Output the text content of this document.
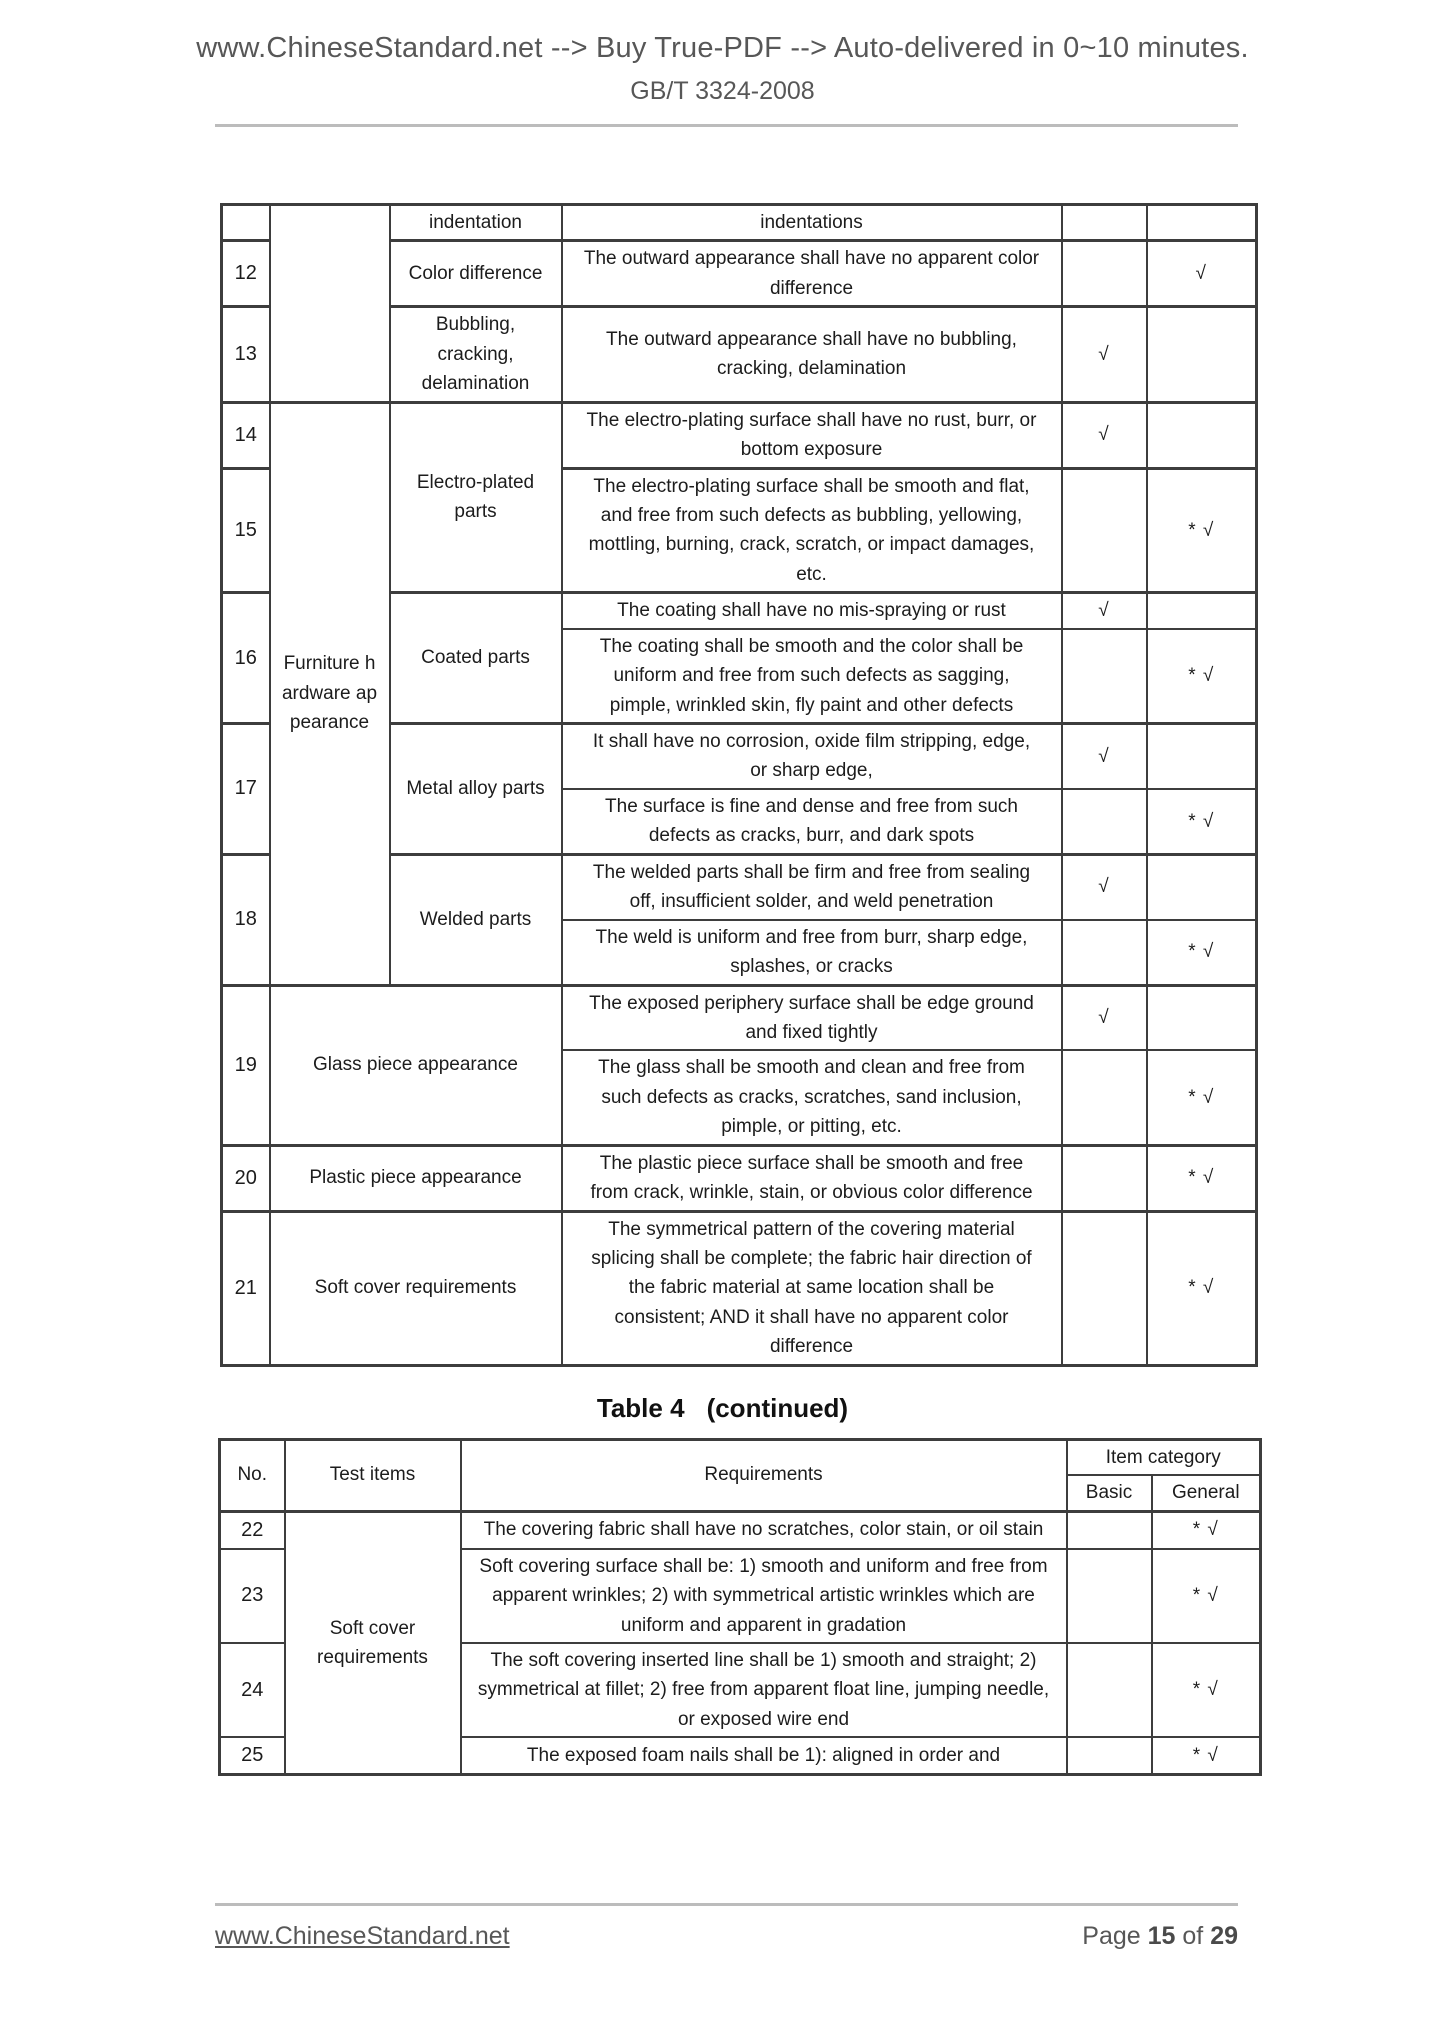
www.ChineseStandard.net --> Buy True-PDF --> Auto-delivered in 0~10 minutes.
GB/T 3324-2008
		indentation	indentations		
12		Color difference	The outward appearance shall have no apparent color difference		√
13		Bubbling, cracking, delamination	The outward appearance shall have no bubbling, cracking, delamination	√	
14	Furniture hardware appearance	Electro-plated parts	The electro-plating surface shall have no rust, burr, or bottom exposure	√	
15			The electro-plating surface shall be smooth and flat, and free from such defects as bubbling, yellowing, mottling, burning, crack, scratch, or impact damages, etc.		* √
16		Coated parts	The coating shall have no mis-spraying or rust	√	
			The coating shall be smooth and the color shall be uniform and free from such defects as sagging, pimple, wrinkled skin, fly paint and other defects		* √
17		Metal alloy parts	It shall have no corrosion, oxide film stripping, edge, or sharp edge,	√	
			The surface is fine and dense and free from such defects as cracks, burr, and dark spots		* √
18		Welded parts	The welded parts shall be firm and free from sealing off, insufficient solder, and weld penetration	√	
			The weld is uniform and free from burr, sharp edge, splashes, or cracks		* √
19	Glass piece appearance		The exposed periphery surface shall be edge ground and fixed tightly	√	
			The glass shall be smooth and clean and free from such defects as cracks, scratches, sand inclusion, pimple, or pitting, etc.		* √
20	Plastic piece appearance		The plastic piece surface shall be smooth and free from crack, wrinkle, stain, or obvious color difference		* √
21	Soft cover requirements		The symmetrical pattern of the covering material splicing shall be complete; the fabric hair direction of the fabric material at same location shall be consistent; AND it shall have no apparent color difference		* √
Table 4 (continued)
No.	Test items	Requirements	Item category	
			Basic	General
22	Soft cover requirements	The covering fabric shall have no scratches, color stain, or oil stain		* √
23		Soft covering surface shall be: 1) smooth and uniform and free from apparent wrinkles; 2) with symmetrical artistic wrinkles which are uniform and apparent in gradation		* √
24		The soft covering inserted line shall be 1) smooth and straight; 2) symmetrical at fillet; 2) free from apparent float line, jumping needle, or exposed wire end		* √
25		The exposed foam nails shall be 1): aligned in order and		* √
www.ChineseStandard.net	Page 15 of 29
